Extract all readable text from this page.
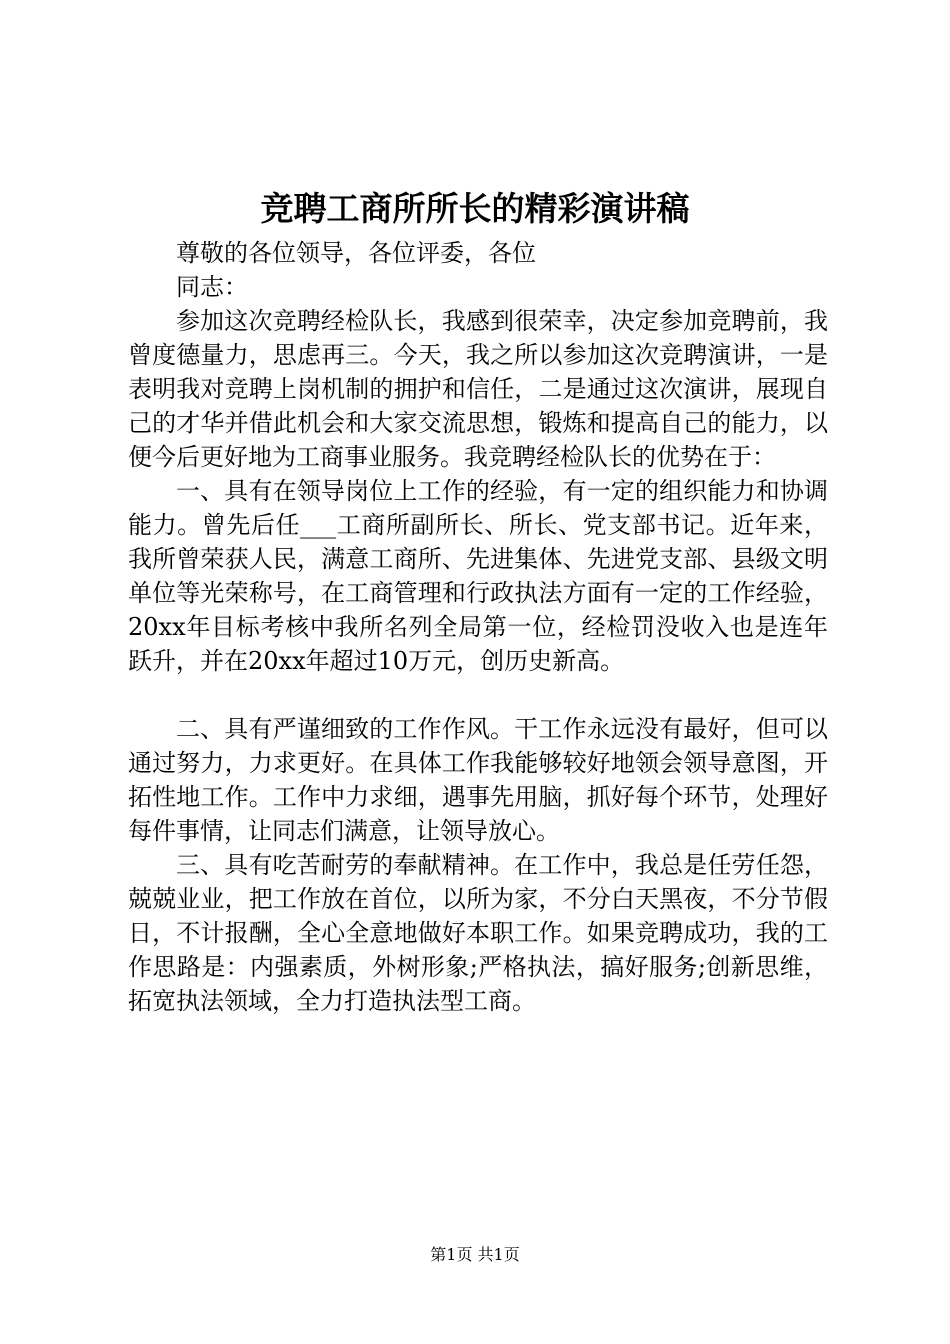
竞聘工商所所长的精彩演讲稿

尊敬的各位领导，各位评委，各位

同志：

参加这次竞聘经检队长，我感到很荣幸，决定参加竞聘前，我曾度德量力，思虑再三。今天，我之所以参加这次竞聘演讲，一是表明我对竞聘上岗机制的拥护和信任，二是通过这次演讲，展现自己的才华并借此机会和大家交流思想，锻炼和提高自己的能力，以便今后更好地为工商事业服务。我竞聘经检队长的优势在于：

一、具有在领导岗位上工作的经验，有一定的组织能力和协调能力。曾先后任___工商所副所长、所长、党支部书记。近年来，我所曾荣获人民，满意工商所、先进集体、先进党支部、县级文明单位等光荣称号，在工商管理和行政执法方面有一定的工作经验，20xx年目标考核中我所名列全局第一位，经检罚没收入也是连年跃升，并在20xx年超过10万元，创历史新高。

二、具有严谨细致的工作作风。干工作永远没有最好，但可以通过努力，力求更好。在具体工作我能够较好地领会领导意图，开拓性地工作。工作中力求细，遇事先用脑，抓好每个环节，处理好每件事情，让同志们满意，让领导放心。

三、具有吃苦耐劳的奉献精神。在工作中，我总是任劳任怨，兢兢业业，把工作放在首位，以所为家，不分白天黑夜，不分节假日，不计报酬，全心全意地做好本职工作。如果竞聘成功，我的工作思路是：内强素质，外树形象;严格执法，搞好服务;创新思维，拓宽执法领域，全力打造执法型工商。

第1页 共1页
